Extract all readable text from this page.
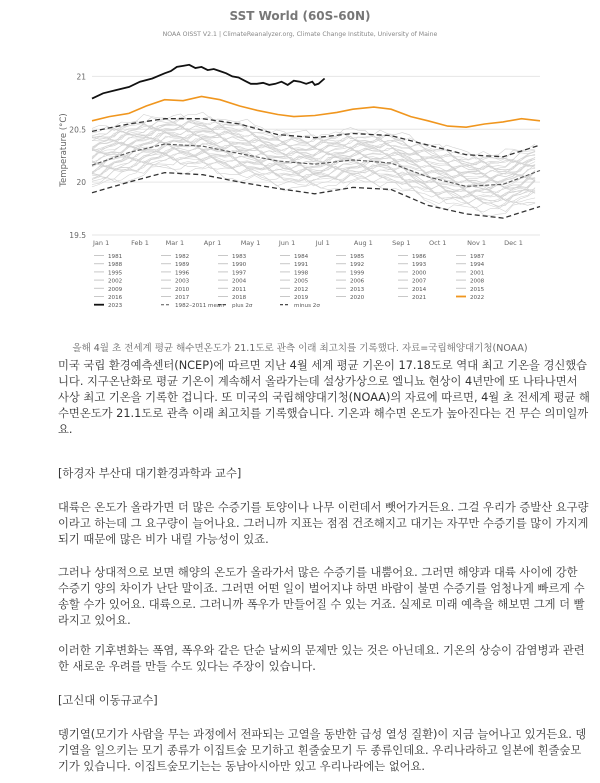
SST World (60S-60N)
NOAA OISST V2.1 | ClimateReanalyzer.org, Climate Change Institute, University of Maine
Temperature (°C)
21
20.5
20
19.5
Jan 1	Feb 1	Mar 1	Apr 1	May 1	Jun 1	Jul 1	Aug 1	Sep 1	Oct 1	Nov 1	Dec 1
1981	1982	1983	1984	1985	1986	1987
1988	1989	1990	1991	1992	1993	1994
1995	1996	1997	1998	1999	2000	2001
2002	2003	2004	2005	2006	2007	2008
2009	2010	2011	2012	2013	2014	2015
2016	2017	2018	2019	2020	2021	2022
2023	1982–2011 mean plus 2σ	minus 2σ

올해 4월 초 전세계 평균 해수면온도가 21.1도로 관측 이래 최고치를 기록했다. 자료=국립해양대기청(NOAA)

미국 국립 환경예측센터(NCEP)에 따르면 지난 4월 세계 평균 기온이 17.18도로 역대 최고 기온을 경신했습
니다. 지구온난화로 평균 기온이 계속해서 올라가는데 설상가상으로 엘니뇨 현상이 4년만에 또 나타나면서
사상 최고 기온을 기록한 겁니다. 또 미국의 국립해양대기청(NOAA)의 자료에 따르면, 4월 초 전세계 평균 해
수면온도가 21.1도로 관측 이래 최고치를 기록했습니다. 기온과 해수면 온도가 높아진다는 건 무슨 의미일까
요.

[하경자 부산대 대기환경과학과 교수]

대륙은 온도가 올라가면 더 많은 수증기를 토양이나 나무 이런데서 뺏어가거든요. 그걸 우리가 증발산 요구량
이라고 하는데 그 요구량이 늘어나요. 그러니까 지표는 점점 건조해지고 대기는 자꾸만 수증기를 많이 가지게
되기 때문에 많은 비가 내릴 가능성이 있죠.
그러나 상대적으로 보면 해양의 온도가 올라가서 많은 수증기를 내뿜어요. 그러면 해양과 대륙 사이에 강한
수증기 양의 차이가 난단 말이죠. 그러면 어떤 일이 벌어지냐 하면 바람이 불면 수증기를 엄청나게 빠르게 수
송할 수가 있어요. 대륙으로. 그러니까 폭우가 만들어질 수 있는 거죠. 실제로 미래 예측을 해보면 그게 더 빨
라지고 있어요.
이러한 기후변화는 폭염, 폭우와 같은 단순 날씨의 문제만 있는 것은 아닌데요. 기온의 상승이 감염병과 관련
한 새로운 우려를 만들 수도 있다는 주장이 있습니다.

[고신대 이동규교수]

뎅기열(모기가 사람을 무는 과정에서 전파되는 고열을 동반한 급성 열성 질환)이 지금 늘어나고 있거든요. 뎅
기열을 일으키는 모기 종류가 이집트숲 모기하고 흰줄숲모기 두 종류인데요. 우리나라하고 일본에 흰줄숲모
기가 있습니다. 이집트숲모기는는 동남아시아만 있고 우리나라에는 없어요.
